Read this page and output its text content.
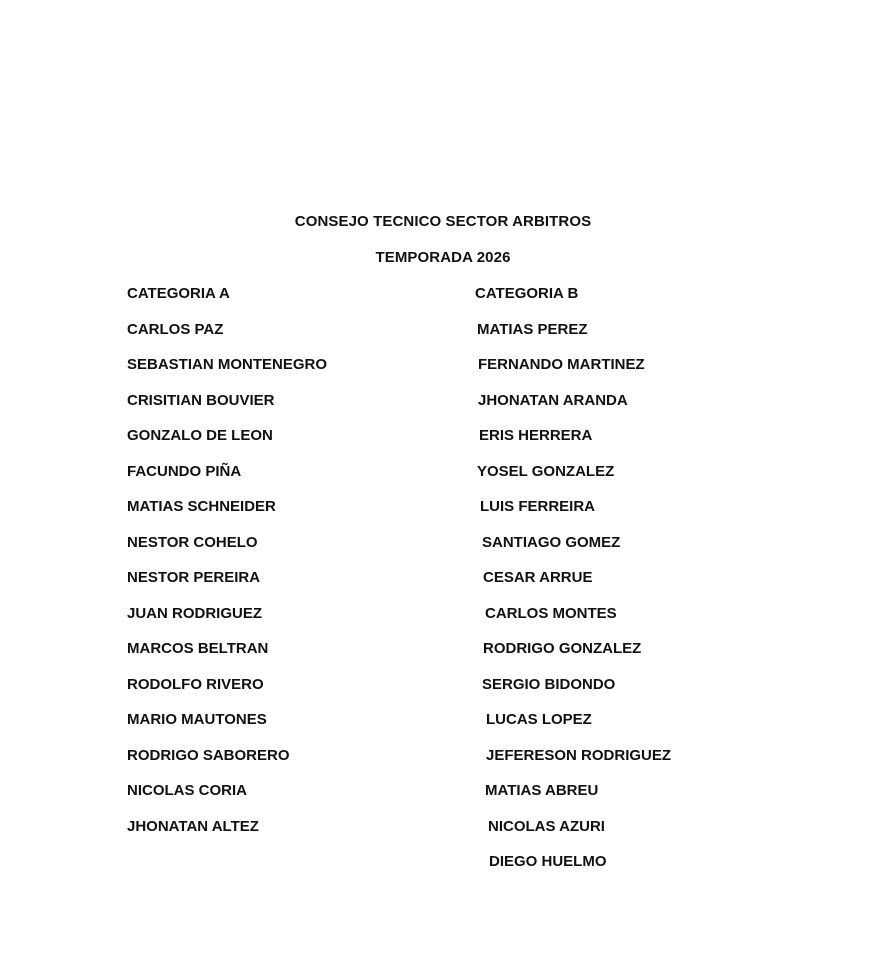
CONSEJO TECNICO SECTOR ARBITROS
TEMPORADA 2026
CATEGORIA A
CARLOS PAZ
SEBASTIAN MONTENEGRO
CRISITIAN BOUVIER
GONZALO DE LEON
FACUNDO PIÑA
MATIAS SCHNEIDER
NESTOR COHELO
NESTOR PEREIRA
JUAN RODRIGUEZ
MARCOS BELTRAN
RODOLFO RIVERO
MARIO MAUTONES
RODRIGO SABORERO
NICOLAS CORIA
JHONATAN ALTEZ
CATEGORIA B
MATIAS PEREZ
FERNANDO MARTINEZ
JHONATAN ARANDA
ERIS HERRERA
YOSEL GONZALEZ
LUIS FERREIRA
SANTIAGO GOMEZ
CESAR ARRUE
CARLOS MONTES
RODRIGO GONZALEZ
SERGIO BIDONDO
LUCAS LOPEZ
JEFERESON RODRIGUEZ
MATIAS ABREU
NICOLAS AZURI
DIEGO HUELMO
